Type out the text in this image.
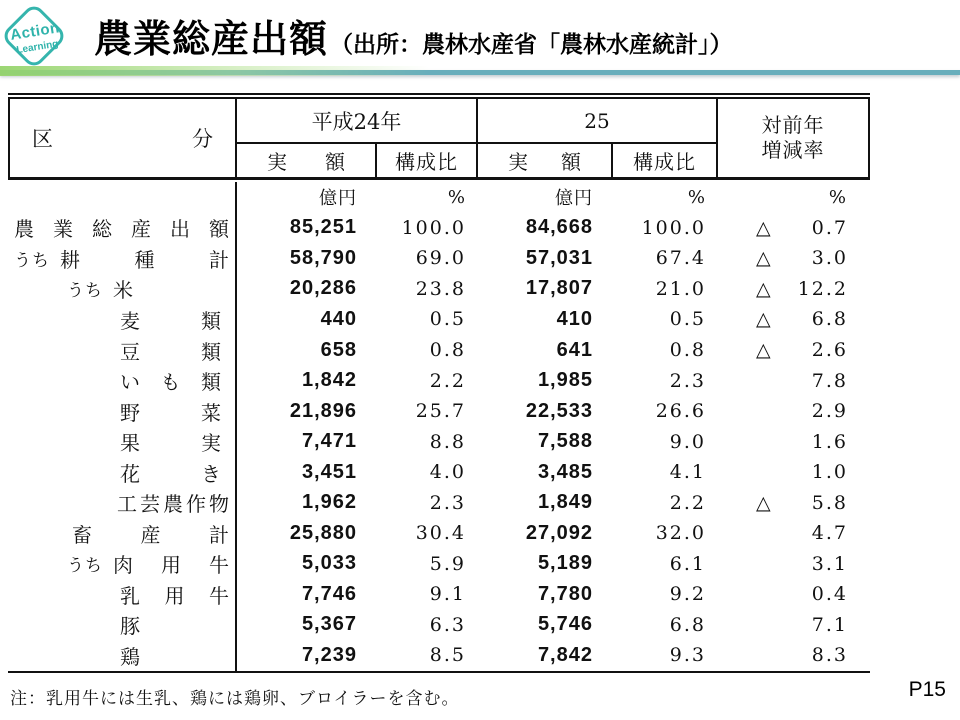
Action
Learning 農業総産出額 （出所：農林水産省「農林水産統計」）
区	分
平成24年	25	対前年
増減率
実 額	構成比	実 額	構成比
億円	%	億円	%	%
農 業 総 産 出 額	85,251	100.0	84,668	100.0	△	0.7
うち 耕	種	計	58,790	69.0	57,031	67.4	△	3.0
うち 米	20,286	23.8	17,807	21.0	△	12.2
麦	類	440	0.5	410	0.5	△	6.8
豆	類	658	0.8	641	0.8	△	2.6
い も 類	1,842	2.2	1,985	2.3	7.8
野	菜	21,896	25.7	22,533	26.6	2.9
果	実	7,471	8.8	7,588	9.0	1.6
花	き	3,451	4.0	3,485	4.1	1.0
工 芸 農 作 物	1,962	2.3	1,849	2.2	△	5.8
畜 産 計	25,880	30.4	27,092	32.0	4.7
うち 肉 用 牛	5,033	5.9	5,189	6.1	3.1
乳 用 牛	7,746	9.1	7,780	9.2	0.4
豚	5,367	6.3	5,746	6.8	7.1
鶏	7,239	8.5	7,842	9.3	8.3
注：乳用牛には生乳、鶏には鶏卵、ブロイラーを含む。	P15
